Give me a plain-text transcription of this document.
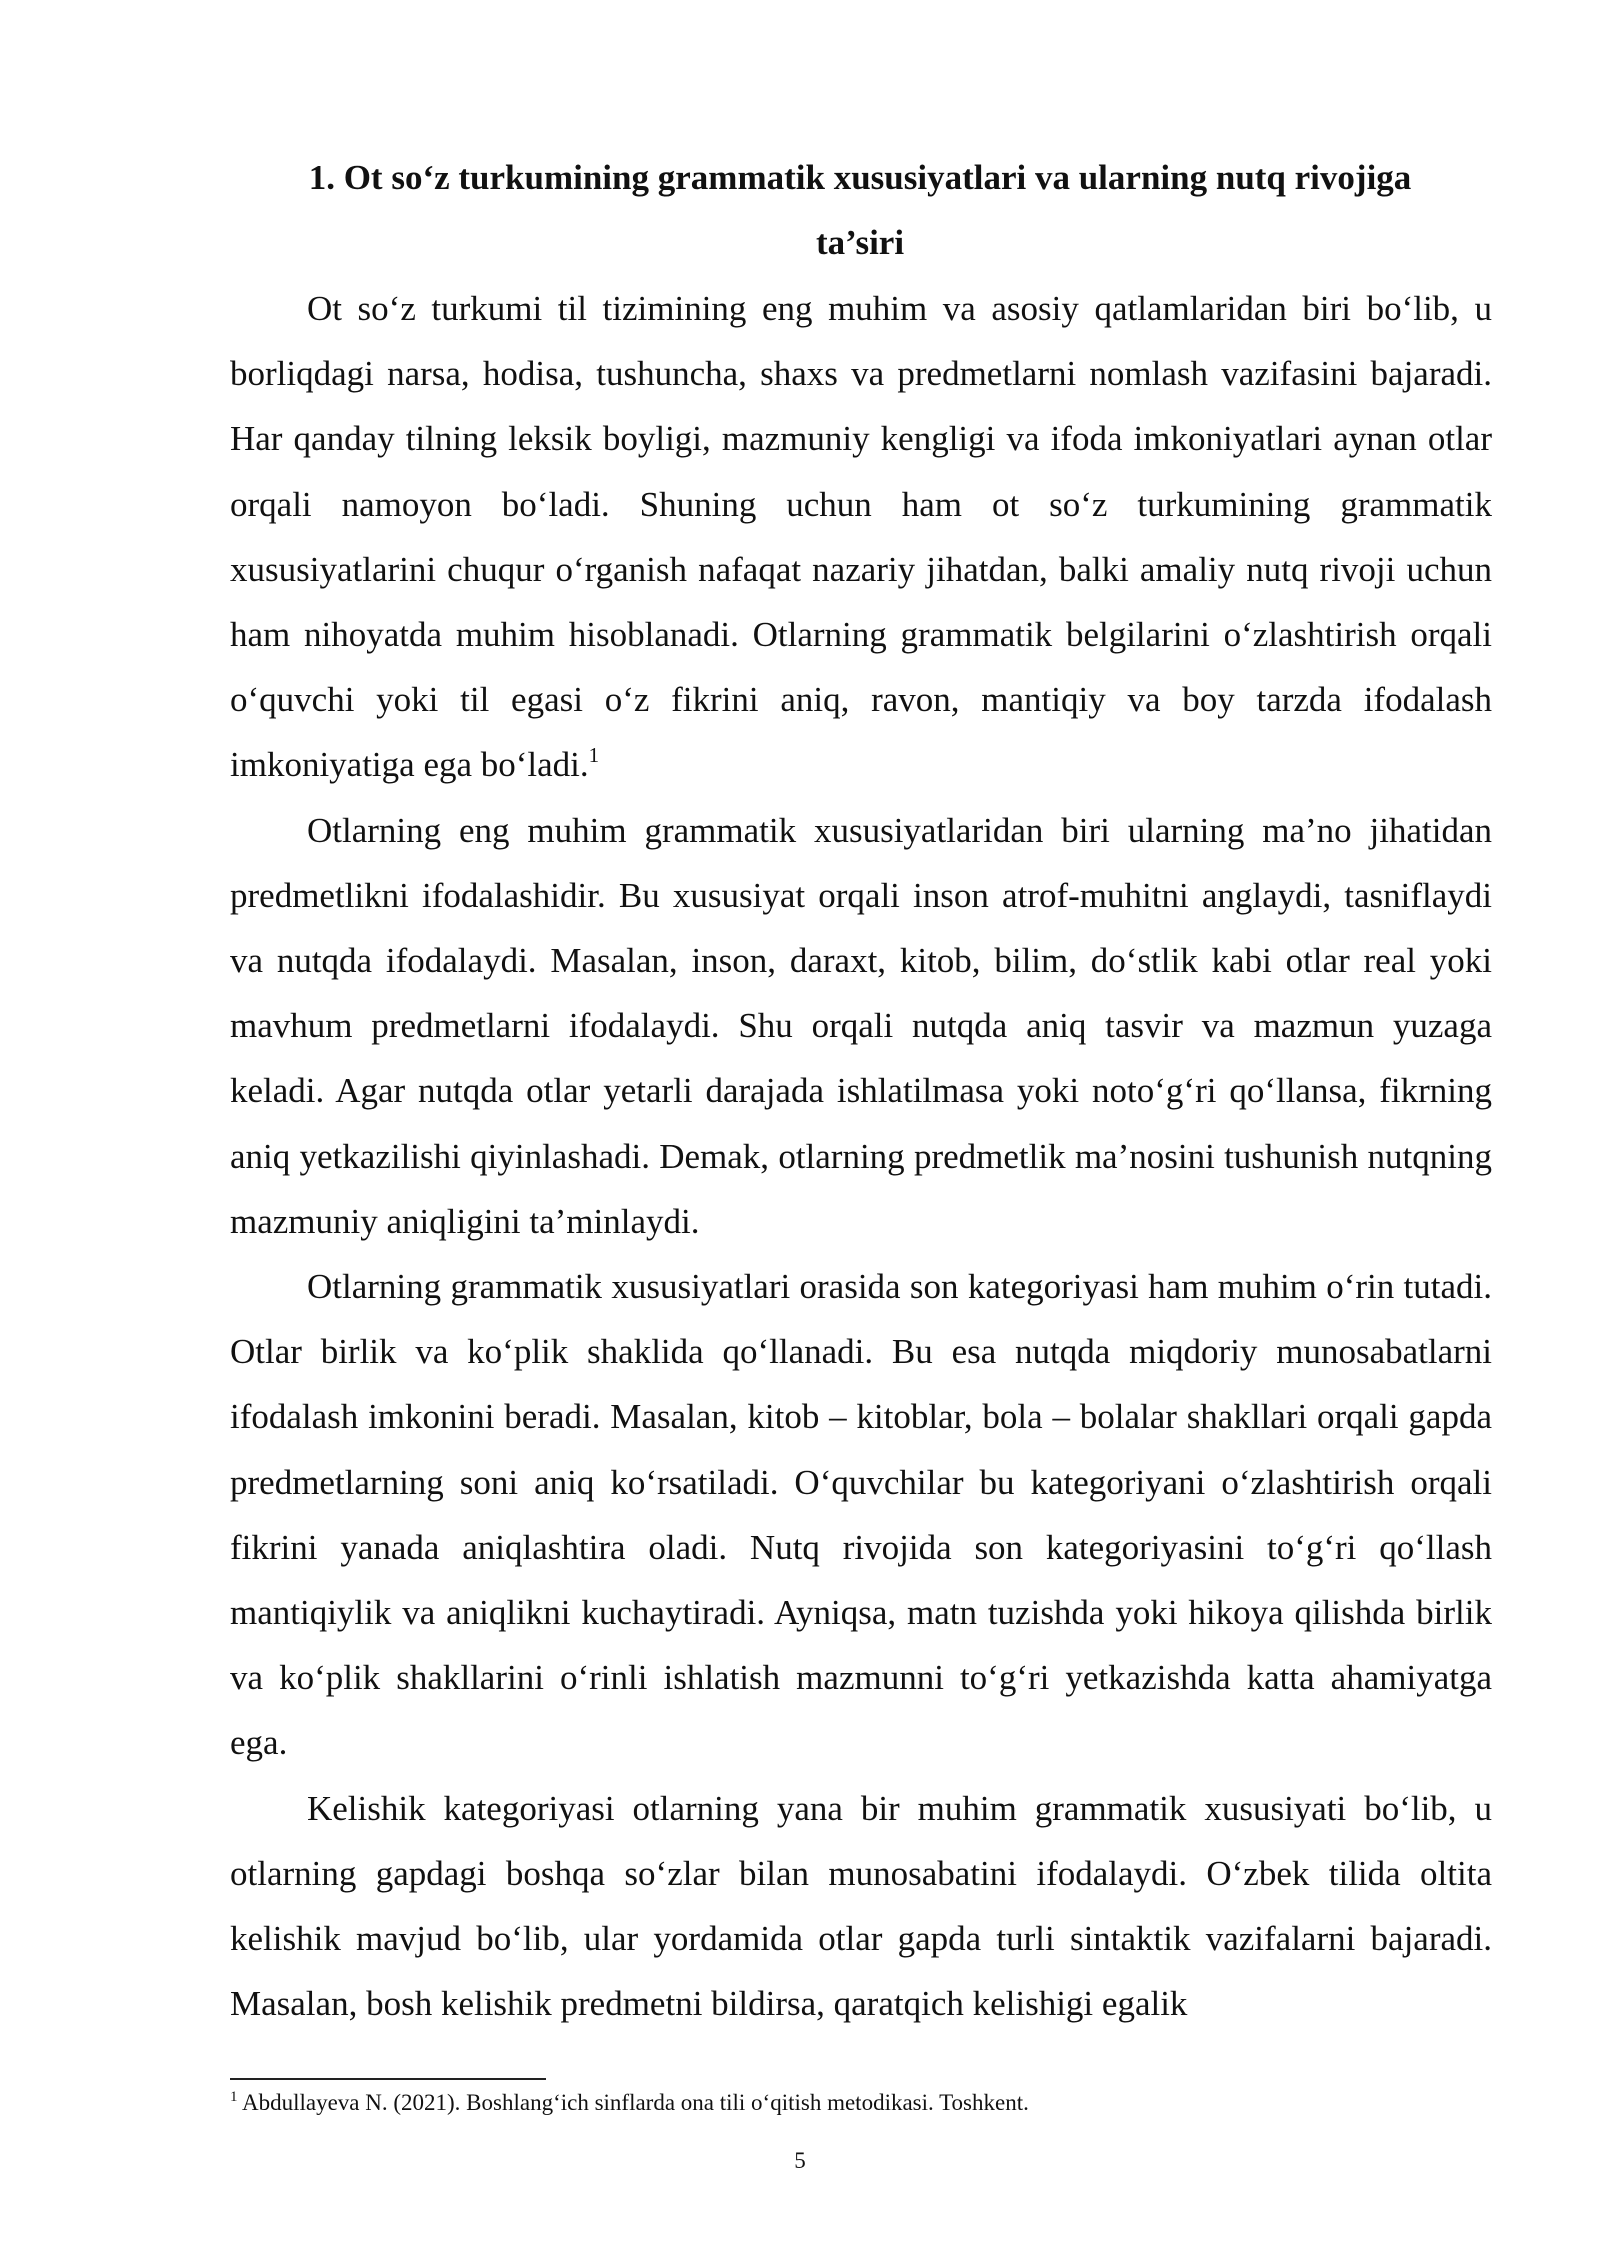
1. Ot so‘z turkumining grammatik xususiyatlari va ularning nutq rivojiga
ta’siri

Ot so‘z turkumi til tizimining eng muhim va asosiy qatlamlaridan biri bo‘lib, u borliqdagi narsa, hodisa, tushuncha, shaxs va predmetlarni nomlash vazifasini bajaradi. Har qanday tilning leksik boyligi, mazmuniy kengligi va ifoda imkoniyatlari aynan otlar orqali namoyon bo‘ladi. Shuning uchun ham ot so‘z turkumining grammatik xususiyatlarini chuqur o‘rganish nafaqat nazariy jihatdan, balki amaliy nutq rivoji uchun ham nihoyatda muhim hisoblanadi. Otlarning grammatik belgilarini o‘zlashtirish orqali o‘quvchi yoki til egasi o‘z fikrini aniq, ravon, mantiqiy va boy tarzda ifodalash imkoniyatiga ega bo‘ladi.$^1$

Otlarning eng muhim grammatik xususiyatlaridan biri ularning ma’no jihatidan predmetlikni ifodalashidir. Bu xususiyat orqali inson atrof-muhitni anglaydi, tasniflaydi va nutqda ifodalaydi. Masalan, inson, daraxt, kitob, bilim, do‘stlik kabi otlar real yoki mavhum predmetlarni ifodalaydi. Shu orqali nutqda aniq tasvir va mazmun yuzaga keladi. Agar nutqda otlar yetarli darajada ishlatilmasa yoki noto‘g‘ri qo‘llansa, fikrning aniq yetkazilishi qiyinlashadi. Demak, otlarning predmetlik ma’nosini tushunish nutqning mazmuniy aniqligini ta’minlaydi.

Otlarning grammatik xususiyatlari orasida son kategoriyasi ham muhim o‘rin tutadi. Otlar birlik va ko‘plik shaklida qo‘llanadi. Bu esa nutqda miqdoriy munosabatlarni ifodalash imkonini beradi. Masalan, kitob – kitoblar, bola – bolalar shakllari orqali gapda predmetlarning soni aniq ko‘rsatiladi. O‘quvchilar bu kategoriyani o‘zlashtirish orqali fikrini yanada aniqlashtira oladi. Nutq rivojida son kategoriyasini to‘g‘ri qo‘llash mantiqiylik va aniqlikni kuchaytiradi. Ayniqsa, matn tuzishda yoki hikoya qilishda birlik va ko‘plik shakllarini o‘rinli ishlatish mazmunni to‘g‘ri yetkazishda katta ahamiyatga ega.

Kelishik kategoriyasi otlarning yana bir muhim grammatik xususiyati bo‘lib, u otlarning gapdagi boshqa so‘zlar bilan munosabatini ifodalaydi. O‘zbek tilida oltita kelishik mavjud bo‘lib, ular yordamida otlar gapda turli sintaktik vazifalarni bajaradi. Masalan, bosh kelishik predmetni bildirsa, qaratqich kelishigi egalik

$^1$ Abdullayeva N. (2021). Boshlang‘ich sinflarda ona tili o‘qitish metodikasi. Toshkent.

5
